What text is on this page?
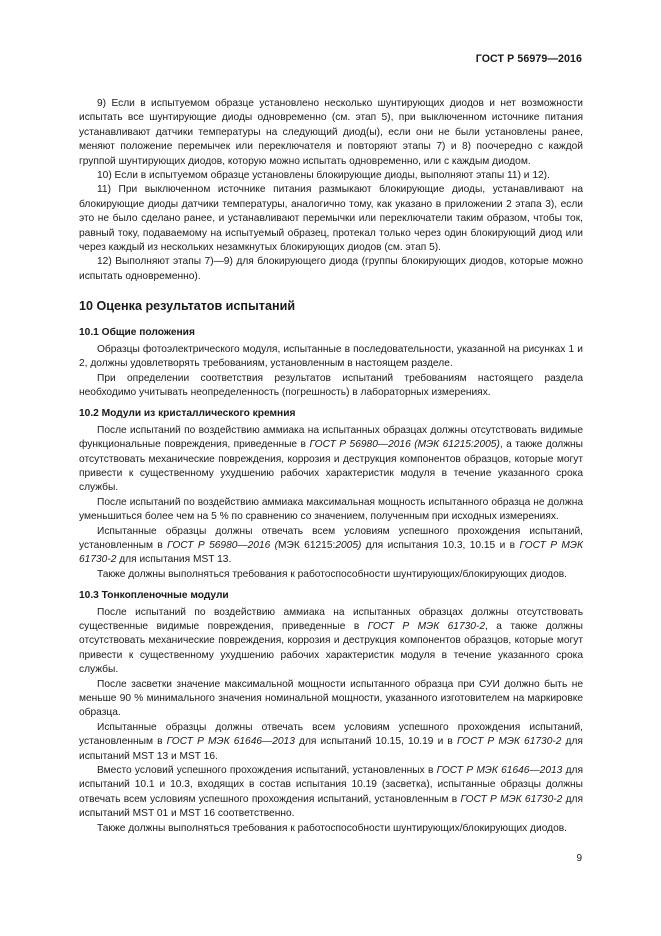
ГОСТ Р 56979—2016

9) Если в испытуемом образце установлено несколько шунтирующих диодов и нет возможности испытать все шунтирующие диоды одновременно (см. этап 5), при выключенном источнике питания устанавливают датчики температуры на следующий диод(ы), если они не были установлены ранее, меняют положение перемычек или переключателя и повторяют этапы 7) и 8) поочередно с каждой группой шунтирующих диодов, которую можно испытать одновременно, или с каждым диодом.

10) Если в испытуемом образце установлены блокирующие диоды, выполняют этапы 11) и 12).

11) При выключенном источнике питания размыкают блокирующие диоды, устанавливают на блокирующие диоды датчики температуры, аналогично тому, как указано в приложении 2 этапа 3), если это не было сделано ранее, и устанавливают перемычки или переключатели таким образом, чтобы ток, равный току, подаваемому на испытуемый образец, протекал только через один блокирующий диод или через каждый из нескольких незамкнутых блокирующих диодов (см. этап 5).

12) Выполняют этапы 7)—9) для блокирующего диода (группы блокирующих диодов, которые можно испытать одновременно).

10 Оценка результатов испытаний

10.1 Общие положения

Образцы фотоэлектрического модуля, испытанные в последовательности, указанной на рисунках 1 и 2, должны удовлетворять требованиям, установленным в настоящем разделе.

При определении соответствия результатов испытаний требованиям настоящего раздела необходимо учитывать неопределенность (погрешность) в лабораторных измерениях.

10.2 Модули из кристаллического кремния

После испытаний по воздействию аммиака на испытанных образцах должны отсутствовать видимые функциональные повреждения, приведенные в ГОСТ Р 56980—2016 (МЭК 61215:2005), а также должны отсутствовать механические повреждения, коррозия и деструкция компонентов образцов, которые могут привести к существенному ухудшению рабочих характеристик модуля в течение указанного срока службы.

После испытаний по воздействию аммиака максимальная мощность испытанного образца не должна уменьшиться более чем на 5 % по сравнению со значением, полученным при исходных измерениях.

Испытанные образцы должны отвечать всем условиям успешного прохождения испытаний, установленным в ГОСТ Р 56980—2016 (МЭК 61215:2005) для испытания 10.3, 10.15 и в ГОСТ Р МЭК 61730-2 для испытания MST 13.

Также должны выполняться требования к работоспособности шунтирующих/блокирующих диодов.

10.3 Тонкопленочные модули

После испытаний по воздействию аммиака на испытанных образцах должны отсутствовать существенные видимые повреждения, приведенные в ГОСТ Р МЭК 61730-2, а также должны отсутствовать механические повреждения, коррозия и деструкция компонентов образцов, которые могут привести к существенному ухудшению рабочих характеристик модуля в течение указанного срока службы.

После засветки значение максимальной мощности испытанного образца при СУИ должно быть не меньше 90 % минимального значения номинальной мощности, указанного изготовителем на маркировке образца.

Испытанные образцы должны отвечать всем условиям успешного прохождения испытаний, установленным в ГОСТ Р МЭК 61646—2013 для испытаний 10.15, 10.19 и в ГОСТ Р МЭК 61730-2 для испытаний MST 13 и MST 16.

Вместо условий успешного прохождения испытаний, установленных в ГОСТ Р МЭК 61646—2013 для испытаний 10.1 и 10.3, входящих в состав испытания 10.19 (засветка), испытанные образцы должны отвечать всем условиям успешного прохождения испытаний, установленным в ГОСТ Р МЭК 61730-2 для испытаний MST 01 и MST 16 соответственно.

Также должны выполняться требования к работоспособности шунтирующих/блокирующих диодов.

9
